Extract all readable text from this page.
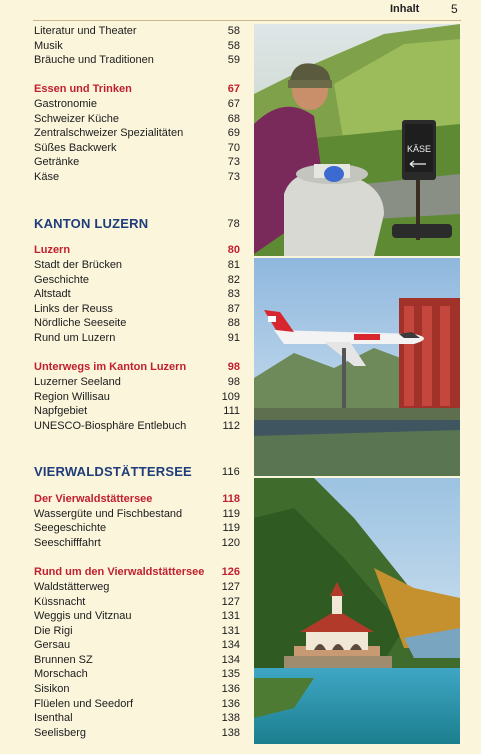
Inhalt	5
Literatur und Theater	58
Musik	58
Bräuche und Traditionen	59
Essen und Trinken	67
Gastronomie	67
Schweizer Küche	68
Zentralschweizer Spezialitäten	69
Süßes Backwerk	70
Getränke	73
Käse	73
KANTON LUZERN	78
Luzern	80
Stadt der Brücken	81
Geschichte	82
Altstadt	83
Links der Reuss	87
Nördliche Seeseite	88
Rund um Luzern	91
Unterwegs im Kanton Luzern	98
Luzerner Seeland	98
Region Willisau	109
Napfgebiet	111
UNESCO-Biosphäre Entlebuch	112
VIERWALDSTÄTTERSEE	116
Der Vierwaldstättersee	118
Wassergüte und Fischbestand	119
Seegeschichte	119
Seeschifffahrt	120
Rund um den Vierwaldstättersee 126
Waldstätterweg	127
Küssnacht	127
Weggis und Vitznau	131
Die Rigi	131
Gersau	134
Brunnen SZ	134
Morschach	135
Sisikon	136
Flüelen und Seedorf	136
Isenthal	138
Seelisberg	138
KÄSE
